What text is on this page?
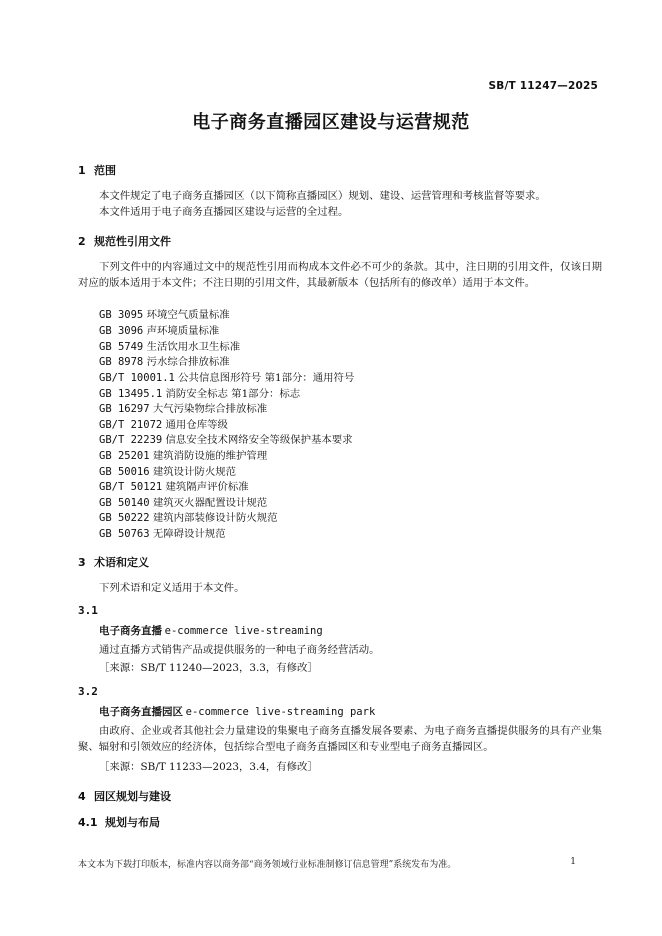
SB/T 11247—2025
电子商务直播园区建设与运营规范
1 范围
本文件规定了电子商务直播园区（以下简称直播园区）规划、建设、运营管理和考核监督等要求。
本文件适用于电子商务直播园区建设与运营的全过程。
2 规范性引用文件
下列文件中的内容通过文中的规范性引用而构成本文件必不可少的条款。其中，注日期的引用文件，仅该日期对应的版本适用于本文件；不注日期的引用文件，其最新版本（包括所有的修改单）适用于本文件。
GB 3095 环境空气质量标准
GB 3096 声环境质量标准
GB 5749 生活饮用水卫生标准
GB 8978 污水综合排放标准
GB/T 10001.1 公共信息图形符号 第1部分：通用符号
GB 13495.1 消防安全标志 第1部分：标志
GB 16297 大气污染物综合排放标准
GB/T 21072 通用仓库等级
GB/T 22239 信息安全技术网络安全等级保护基本要求
GB 25201 建筑消防设施的维护管理
GB 50016 建筑设计防火规范
GB/T 50121 建筑隔声评价标准
GB 50140 建筑灭火器配置设计规范
GB 50222 建筑内部装修设计防火规范
GB 50763 无障碍设计规范
3 术语和定义
下列术语和定义适用于本文件。
3.1
电子商务直播 e-commerce live-streaming
通过直播方式销售产品或提供服务的一种电子商务经营活动。
［来源：SB/T 11240—2023，3.3，有修改］
3.2
电子商务直播园区 e-commerce live-streaming park
由政府、企业或者其他社会力量建设的集聚电子商务直播发展各要素、为电子商务直播提供服务的具有产业集聚、辐射和引领效应的经济体，包括综合型电子商务直播园区和专业型电子商务直播园区。
［来源：SB/T 11233—2023，3.4，有修改］
4 园区规划与建设
4.1 规划与布局
本文本为下载打印版本，标准内容以商务部“商务领域行业标准制修订信息管理”系统发布为准。	1
